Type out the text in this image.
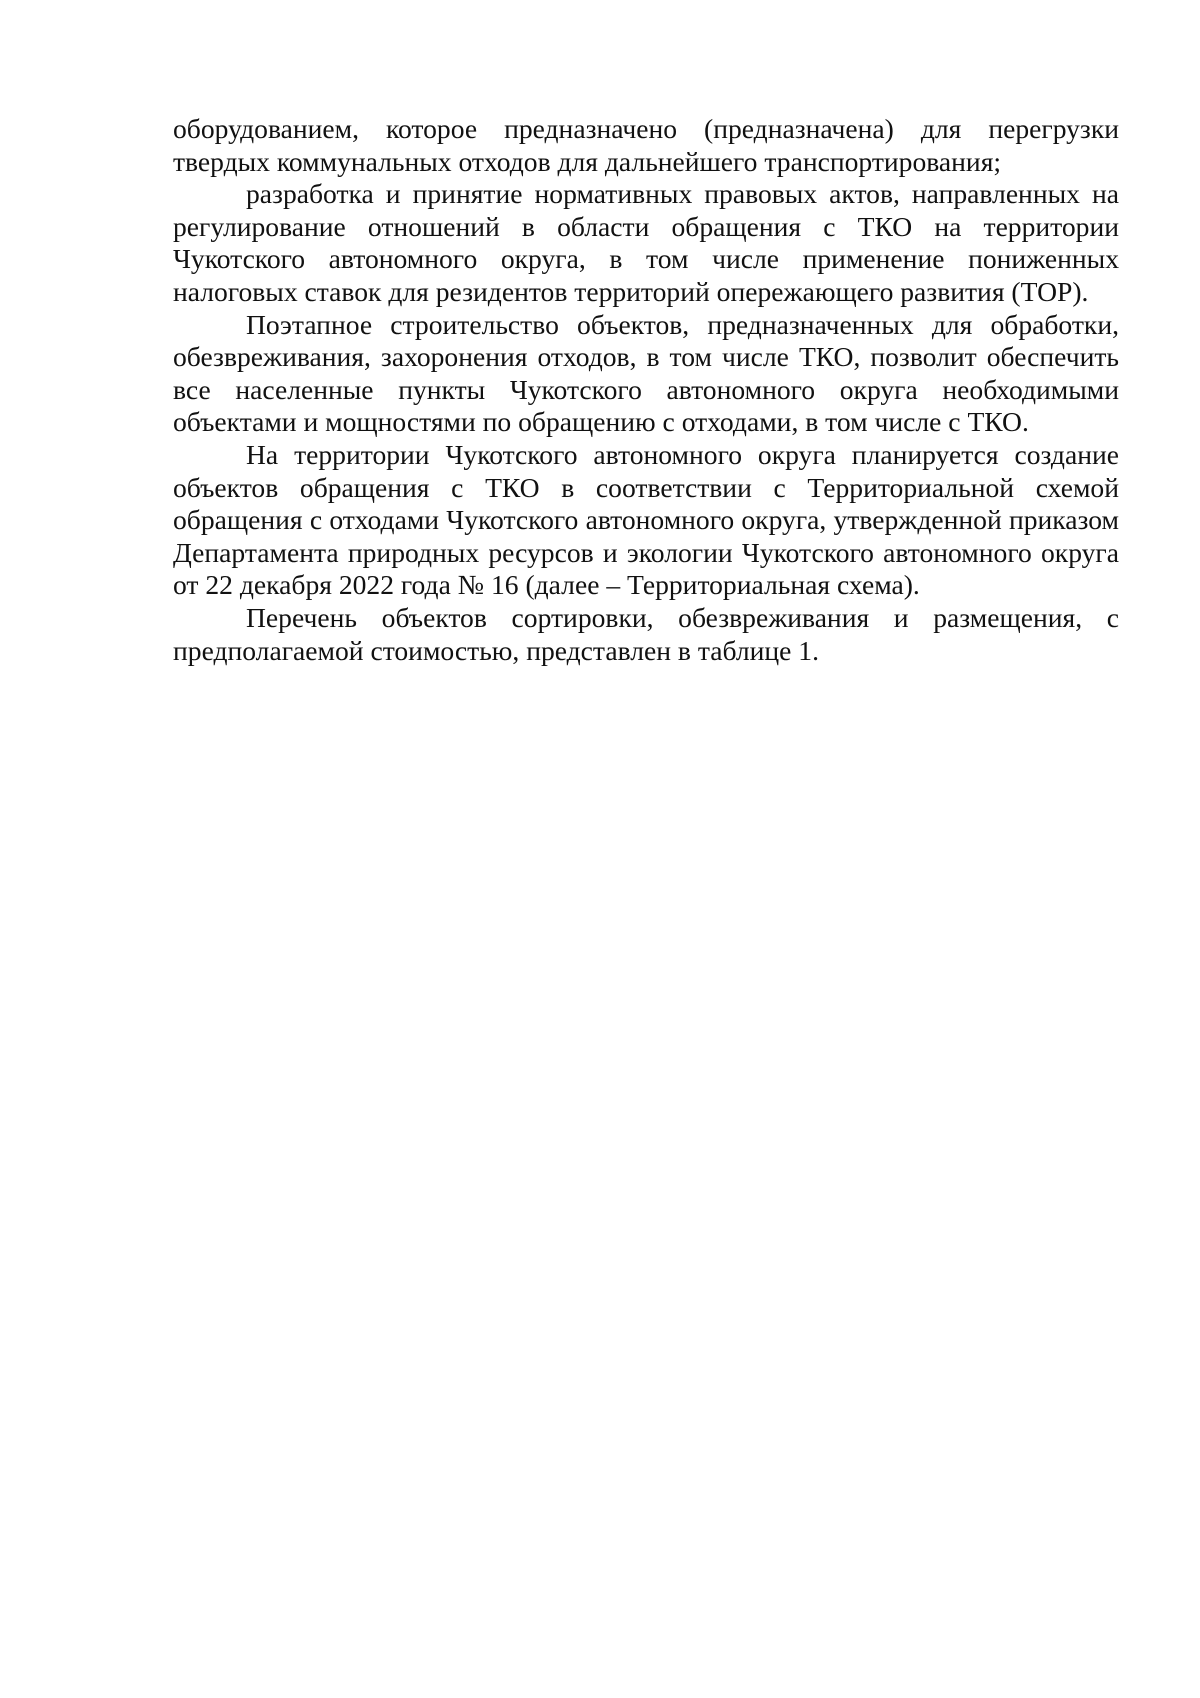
оборудованием, которое предназначено (предназначена) для перегрузки твердых коммунальных отходов для дальнейшего транспортирования;

разработка и принятие нормативных правовых актов, направленных на регулирование отношений в области обращения с ТКО на территории Чукотского автономного округа, в том числе применение пониженных налоговых ставок для резидентов территорий опережающего развития (ТОР).

Поэтапное строительство объектов, предназначенных для обработки, обезвреживания, захоронения отходов, в том числе ТКО, позволит обеспечить все населенные пункты Чукотского автономного округа необходимыми объектами и мощностями по обращению с отходами, в том числе с ТКО.

На территории Чукотского автономного округа планируется создание объектов обращения с ТКО в соответствии с Территориальной схемой обращения с отходами Чукотского автономного округа, утвержденной приказом Департамента природных ресурсов и экологии Чукотского автономного округа от 22 декабря 2022 года № 16 (далее – Территориальная схема).

Перечень объектов сортировки, обезвреживания и размещения, с предполагаемой стоимостью, представлен в таблице 1.
